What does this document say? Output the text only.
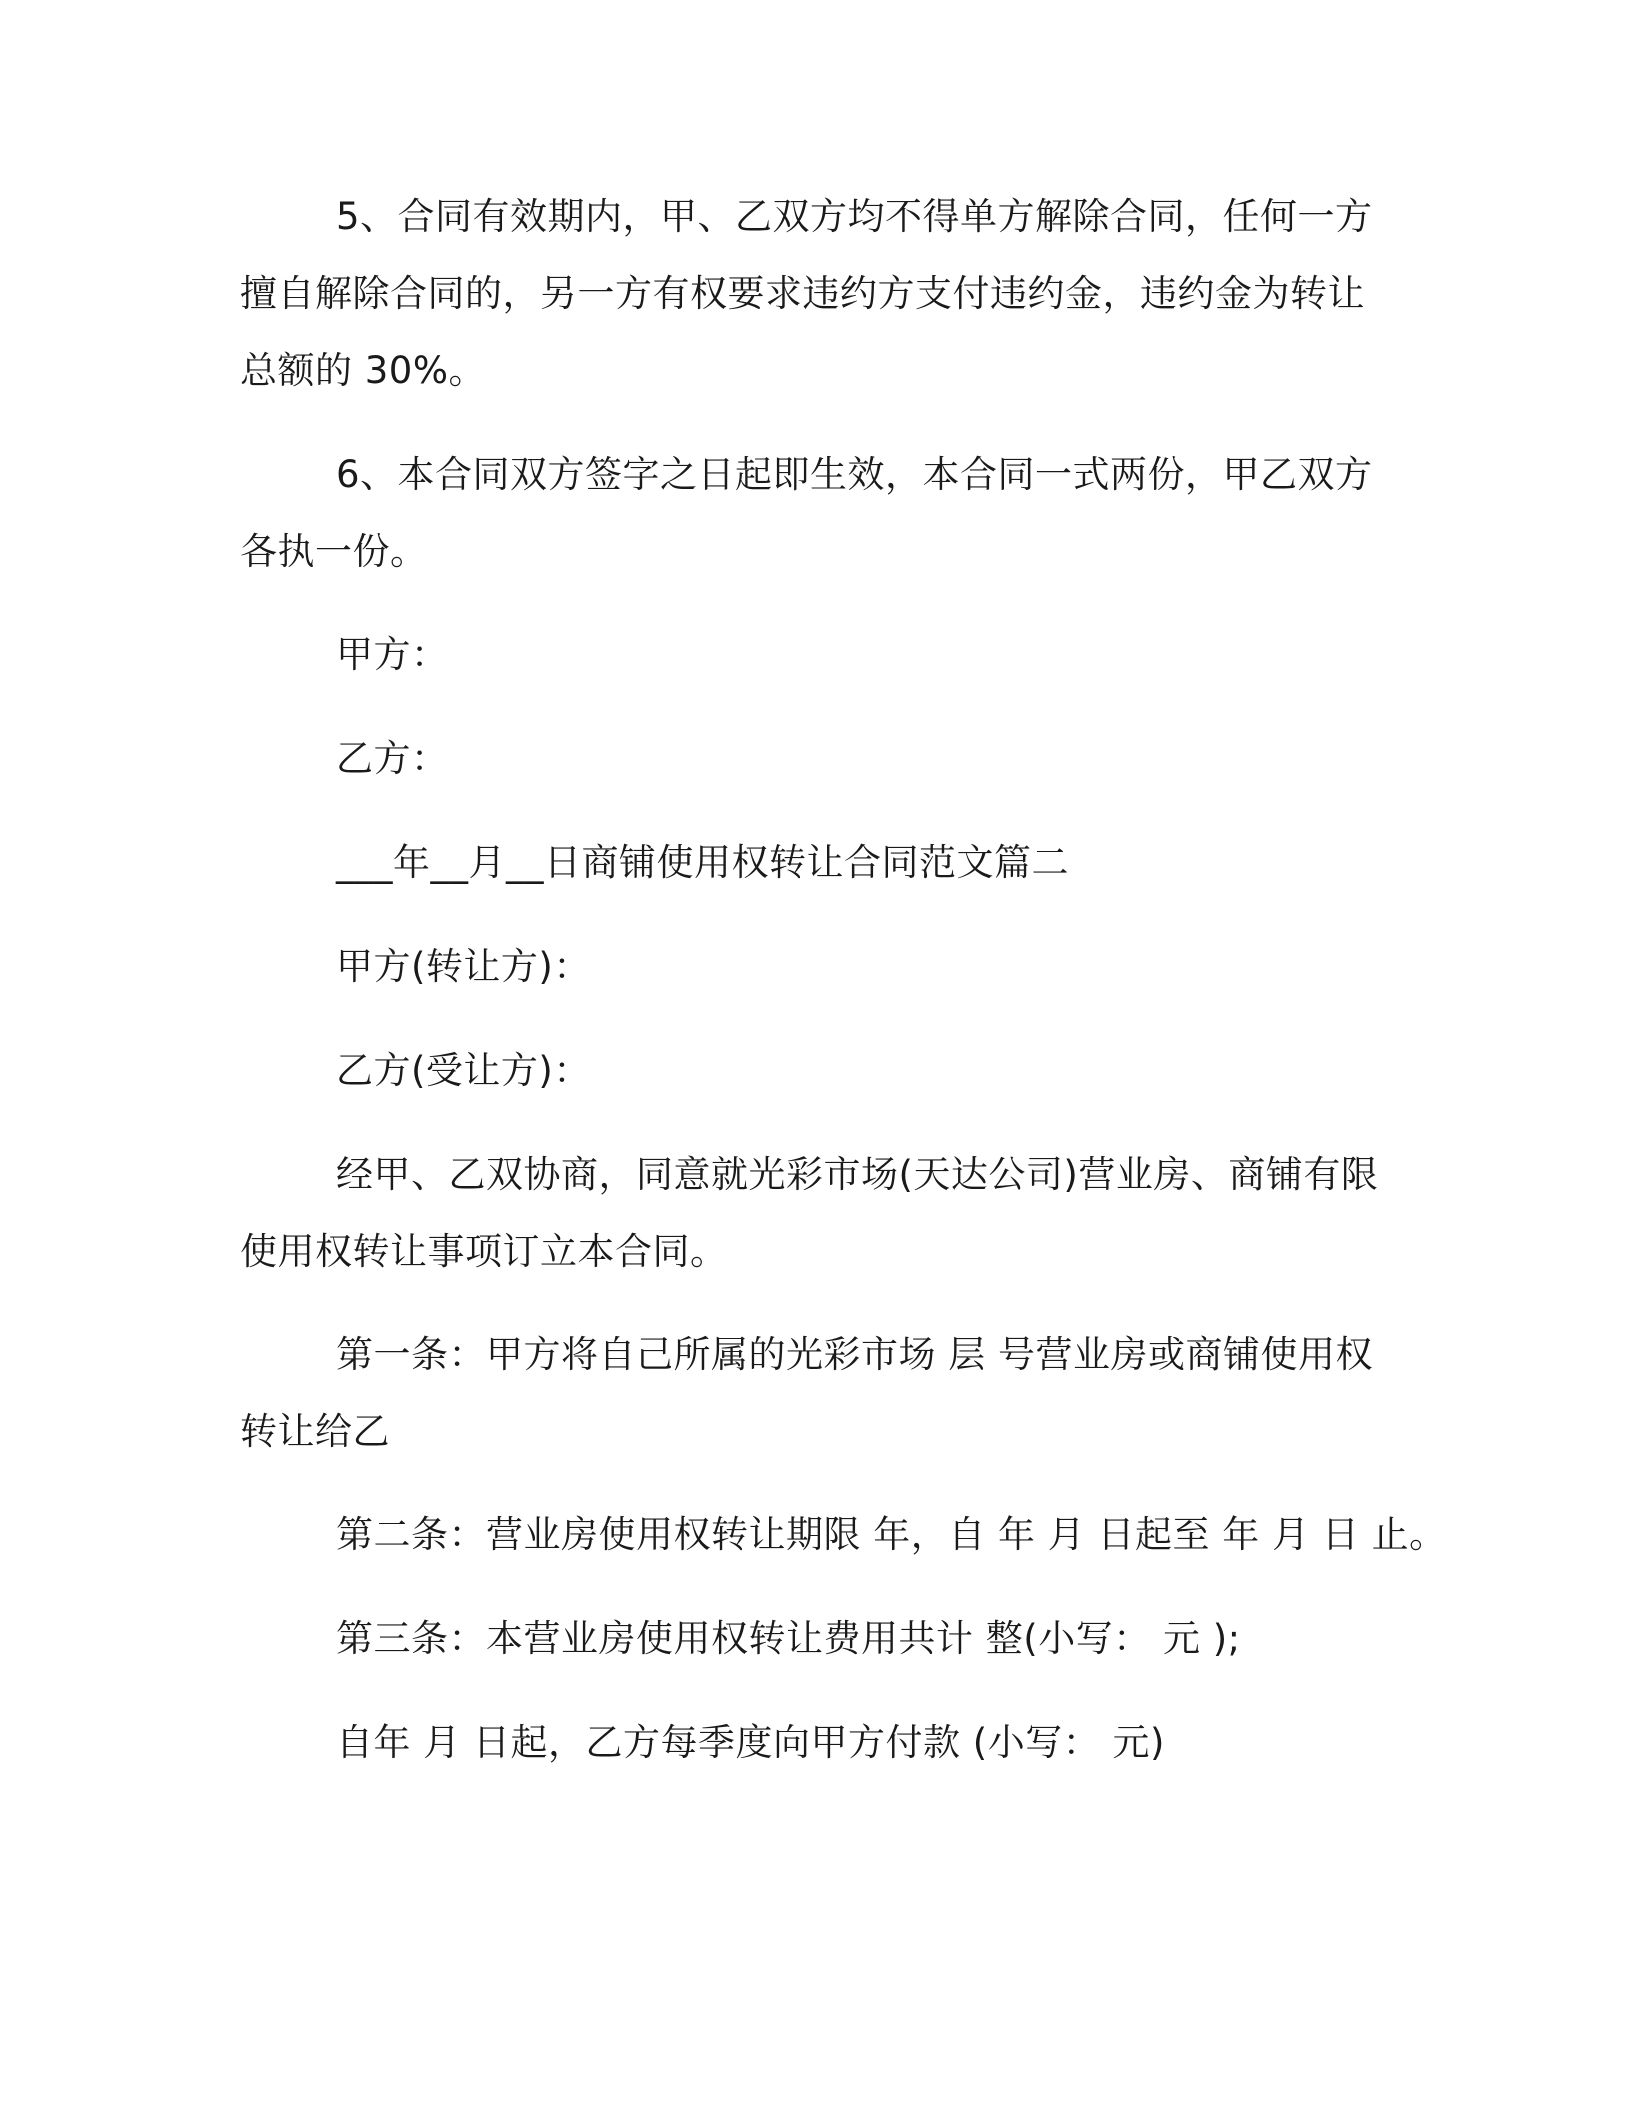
5、合同有效期内，甲、乙双方均不得单方解除合同，任何一方擅自解除合同的，另一方有权要求违约方支付违约金，违约金为转让总额的 30%。

6、本合同双方签字之日起即生效，本合同一式两份，甲乙双方各执一份。

甲方：

乙方：

___年__月__日商铺使用权转让合同范文篇二

甲方(转让方)：

乙方(受让方)：

经甲、乙双协商，同意就光彩市场(天达公司)营业房、商铺有限使用权转让事项订立本合同。

第一条：甲方将自己所属的光彩市场 层 号营业房或商铺使用权转让给乙

第二条：营业房使用权转让期限 年，自 年 月 日起至 年 月 日 止。

第三条：本营业房使用权转让费用共计 整(小写： 元 );

自年 月 日起，乙方每季度向甲方付款 (小写： 元)
